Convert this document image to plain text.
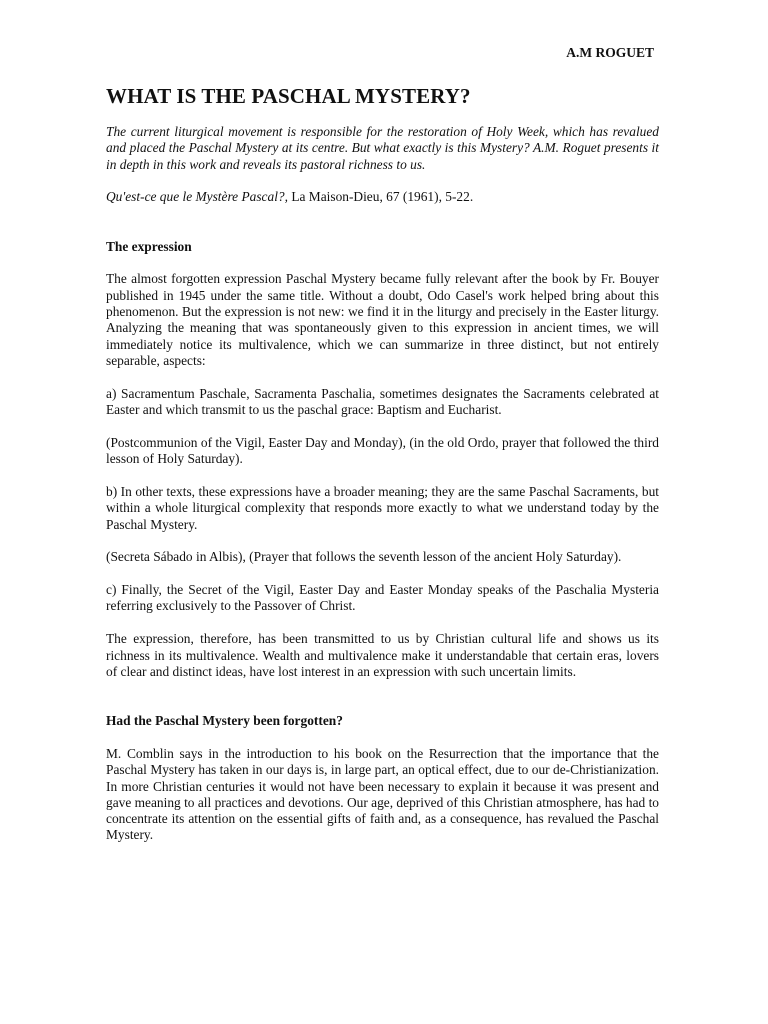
A.M ROGUET

WHAT IS THE PASCHAL MYSTERY?

The current liturgical movement is responsible for the restoration of Holy Week, which has revalued and placed the Paschal Mystery at its centre. But what exactly is this Mystery? A.M. Roguet presents it in depth in this work and reveals its pastoral richness to us.

Qu'est-ce que le Mystère Pascal?, La Maison-Dieu, 67 (1961), 5-22.

The expression

The almost forgotten expression Paschal Mystery became fully relevant after the book by Fr. Bouyer published in 1945 under the same title. Without a doubt, Odo Casel's work helped bring about this phenomenon. But the expression is not new: we find it in the liturgy and precisely in the Easter liturgy. Analyzing the meaning that was spontaneously given to this expression in ancient times, we will immediately notice its multivalence, which we can summarize in three distinct, but not entirely separable, aspects:

a) Sacramentum Paschale, Sacramenta Paschalia, sometimes designates the Sacraments celebrated at Easter and which transmit to us the paschal grace: Baptism and Eucharist.

(Postcommunion of the Vigil, Easter Day and Monday), (in the old Ordo, prayer that followed the third lesson of Holy Saturday).

b) In other texts, these expressions have a broader meaning; they are the same Paschal Sacraments, but within a whole liturgical complexity that responds more exactly to what we understand today by the Paschal Mystery.

(Secreta Sábado in Albis), (Prayer that follows the seventh lesson of the ancient Holy Saturday).

c) Finally, the Secret of the Vigil, Easter Day and Easter Monday speaks of the Paschalia Mysteria referring exclusively to the Passover of Christ.

The expression, therefore, has been transmitted to us by Christian cultural life and shows us its richness in its multivalence. Wealth and multivalence make it understandable that certain eras, lovers of clear and distinct ideas, have lost interest in an expression with such uncertain limits.

Had the Paschal Mystery been forgotten?

M. Comblin says in the introduction to his book on the Resurrection that the importance that the Paschal Mystery has taken in our days is, in large part, an optical effect, due to our de-Christianization. In more Christian centuries it would not have been necessary to explain it because it was present and gave meaning to all practices and devotions. Our age, deprived of this Christian atmosphere, has had to concentrate its attention on the essential gifts of faith and, as a consequence, has revalued the Paschal Mystery.
